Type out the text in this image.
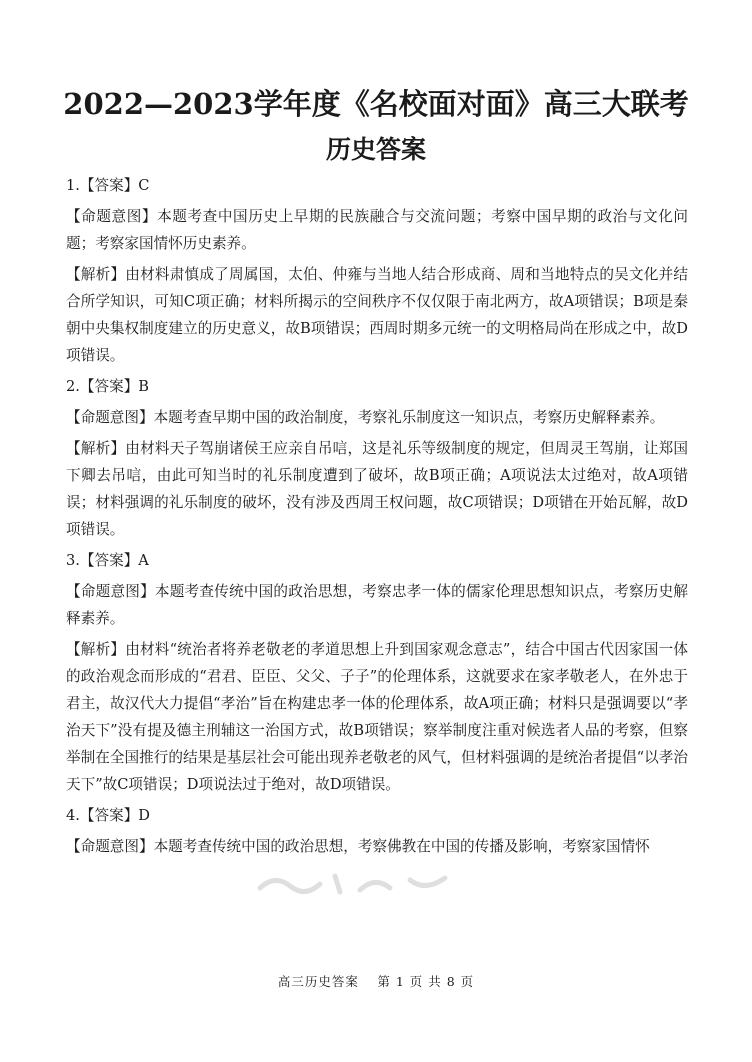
2022—2023学年度《名校面对面》高三大联考
历史答案

1.【答案】C

【命题意图】本题考查中国历史上早期的民族融合与交流问题；考察中国早期的政治与文化问题；考察家国情怀历史素养。

【解析】由材料肃慎成了周属国，太伯、仲雍与当地人结合形成商、周和当地特点的吴文化并结合所学知识，可知C项正确；材料所揭示的空间秩序不仅仅限于南北两方，故A项错误；B项是秦朝中央集权制度建立的历史意义，故B项错误；西周时期多元统一的文明格局尚在形成之中，故D项错误。

2.【答案】B

【命题意图】本题考查早期中国的政治制度，考察礼乐制度这一知识点，考察历史解释素养。

【解析】由材料天子驾崩诸侯王应亲自吊唁，这是礼乐等级制度的规定，但周灵王驾崩，让郑国下卿去吊唁，由此可知当时的礼乐制度遭到了破坏，故B项正确；A项说法太过绝对，故A项错误；材料强调的礼乐制度的破坏，没有涉及西周王权问题，故C项错误；D项错在开始瓦解，故D项错误。

3.【答案】A

【命题意图】本题考查传统中国的政治思想，考察忠孝一体的儒家伦理思想知识点，考察历史解释素养。

【解析】由材料“统治者将养老敬老的孝道思想上升到国家观念意志”，结合中国古代因家国一体的政治观念而形成的“君君、臣臣、父父、子子”的伦理体系，这就要求在家孝敬老人，在外忠于君主，故汉代大力提倡“孝治”旨在构建忠孝一体的伦理体系，故A项正确；材料只是强调要以“孝治天下”没有提及德主刑辅这一治国方式，故B项错误；察举制度注重对候选者人品的考察，但察举制在全国推行的结果是基层社会可能出现养老敬老的风气，但材料强调的是统治者提倡“以孝治天下”故C项错误；D项说法过于绝对，故D项错误。

4.【答案】D

【命题意图】本题考查传统中国的政治思想，考察佛教在中国的传播及影响，考察家国情怀

高三历史答案　 第 1 页 共 8 页
